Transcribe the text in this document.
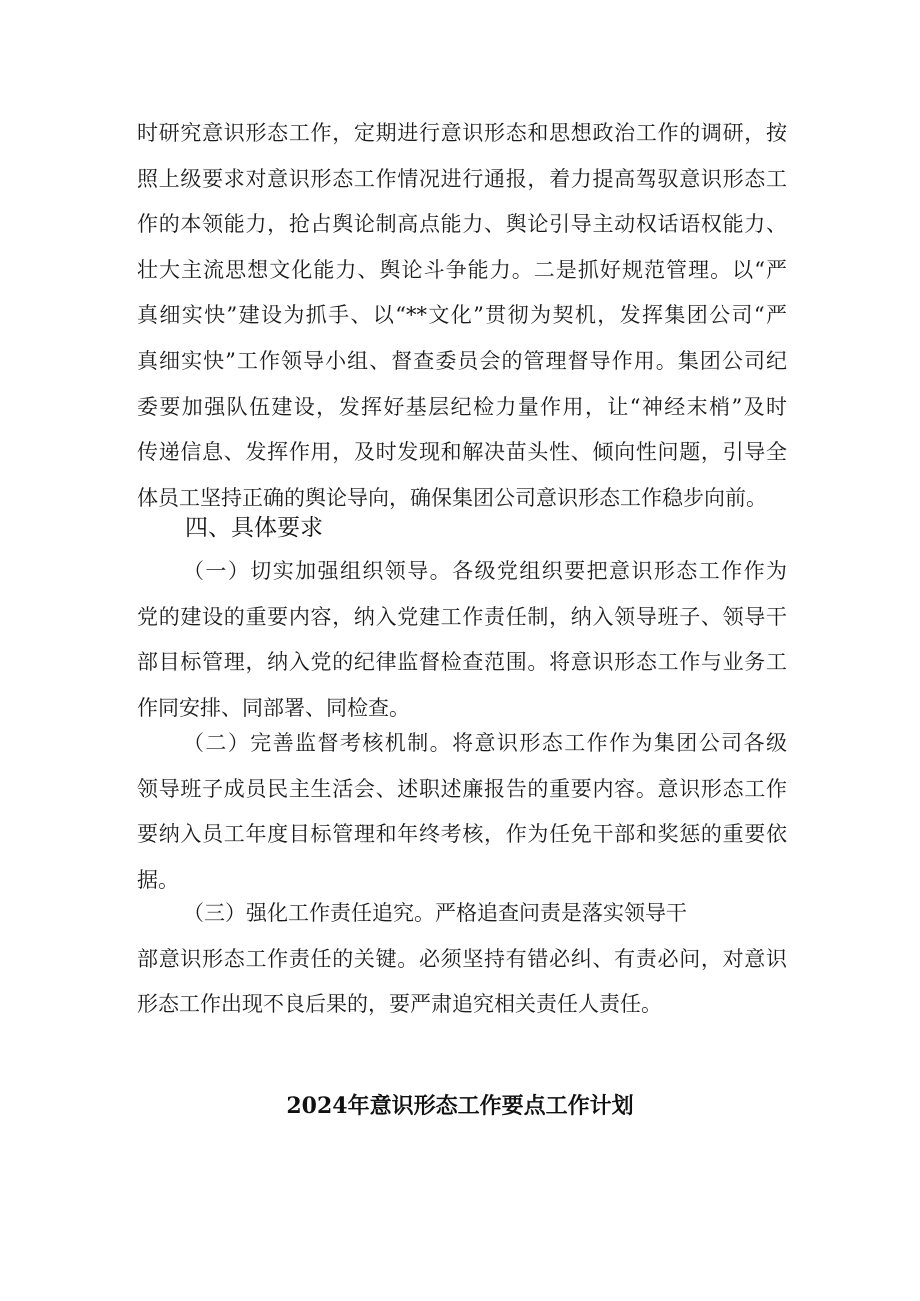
时研究意识形态工作，定期进行意识形态和思想政治工作的调研，按
照上级要求对意识形态工作情况进行通报，着力提高驾驭意识形态工
作的本领能力，抢占舆论制高点能力、舆论引导主动权话语权能力、
壮大主流思想文化能力、舆论斗争能力。二是抓好规范管理。以“严
真细实快”建设为抓手、以“**文化”贯彻为契机，发挥集团公司“严
真细实快”工作领导小组、督查委员会的管理督导作用。集团公司纪
委要加强队伍建设，发挥好基层纪检力量作用，让“神经末梢”及时
传递信息、发挥作用，及时发现和解决苗头性、倾向性问题，引导全
体员工坚持正确的舆论导向，确保集团公司意识形态工作稳步向前。
四、具体要求
（一）切实加强组织领导。各级党组织要把意识形态工作作为
党的建设的重要内容，纳入党建工作责任制，纳入领导班子、领导干
部目标管理，纳入党的纪律监督检查范围。将意识形态工作与业务工
作同安排、同部署、同检查。
（二）完善监督考核机制。将意识形态工作作为集团公司各级
领导班子成员民主生活会、述职述廉报告的重要内容。意识形态工作
要纳入员工年度目标管理和年终考核，作为任免干部和奖惩的重要依
据。
（三）强化工作责任追究。严格追查问责是落实领导干
部意识形态工作责任的关键。必须坚持有错必纠、有责必问，对意识
形态工作出现不良后果的，要严肃追究相关责任人责任。
2024年意识形态工作要点工作计划
